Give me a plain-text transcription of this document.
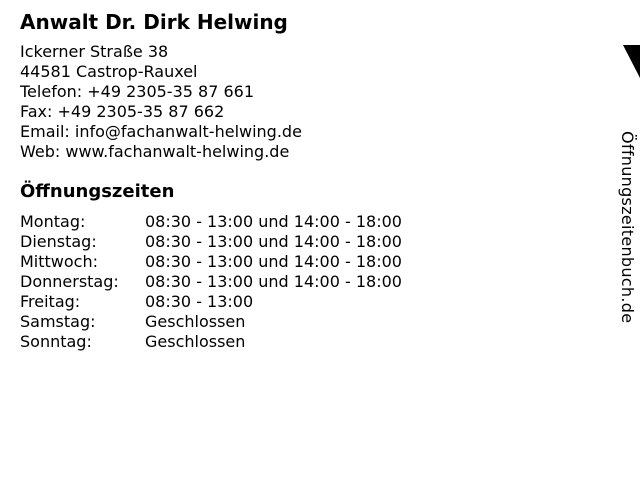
Anwalt Dr. Dirk Helwing
Ickerner Straße 38
44581 Castrop-Rauxel
Telefon: +49 2305-35 87 661
Fax: +49 2305-35 87 662
Email: info@fachanwalt-helwing.de
Web: www.fachanwalt-helwing.de
Öffnungszeiten
Montag:	08:30 - 13:00 und 14:00 - 18:00
Dienstag:	08:30 - 13:00 und 14:00 - 18:00
Mittwoch:	08:30 - 13:00 und 14:00 - 18:00
Donnerstag:	08:30 - 13:00 und 14:00 - 18:00
Freitag:	08:30 - 13:00
Samstag:	Geschlossen
Sonntag:	Geschlossen
Öffnungszeitenbuch.de
